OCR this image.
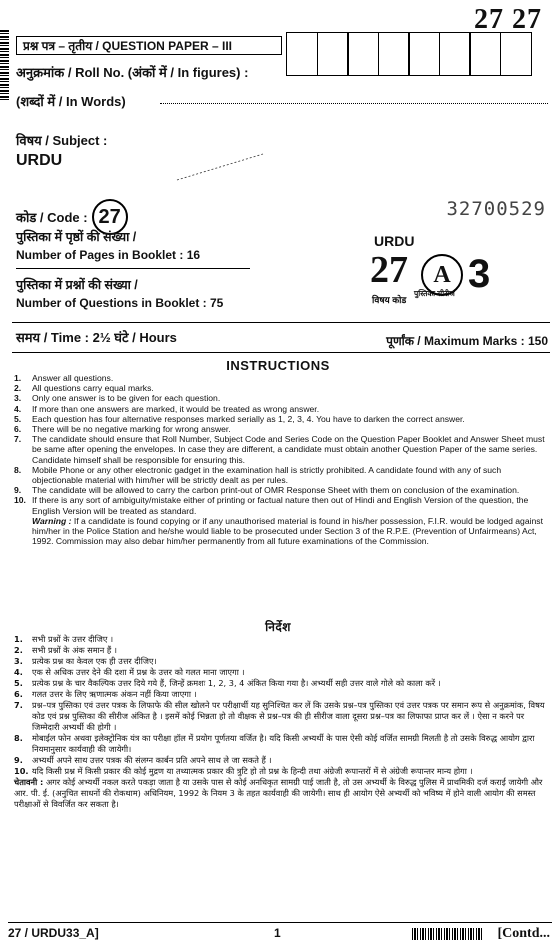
27 27
प्रश्न पत्र – तृतीय / QUESTION PAPER – III
अनुक्रमांक / Roll No. (अंकों में / In figures) :
(शब्दों में / In Words)
विषय / Subject :
URDU
कोड / Code : 27	32700529
पुस्तिका में पृष्ठों की संख्या /
Number of Pages in Booklet : 16
पुस्तिका में प्रश्नों की संख्या /
Number of Questions in Booklet : 75
URDU
27
विषय कोड
A
पुस्तिका सीरीज 3
समय / Time : 2½ घंटे / Hours	पूर्णांक / Maximum Marks : 150
INSTRUCTIONS
1. Answer all questions.
2. All questions carry equal marks.
3. Only one answer is to be given for each question.
4. If more than one answers are marked, it would be treated as wrong answer.
5. Each question has four alternative responses marked serially as 1, 2, 3, 4. You have to darken the correct answer.
6. There will be no negative marking for wrong answer.
7. The candidate should ensure that Roll Number, Subject Code and Series Code on the Question Paper Booklet and Answer Sheet must be same after opening the envelopes. In case they are different, a candidate must obtain another Question Paper of the same series. Candidate himself shall be responsible for ensuring this.
8. Mobile Phone or any other electronic gadget in the examination hall is strictly prohibited. A candidate found with any of such objectionable material with him/her will be strictly dealt as per rules.
9. The candidate will be allowed to carry the carbon print-out of OMR Response Sheet with them on conclusion of the examination.
10. If there is any sort of ambiguity/mistake either of printing or factual nature then out of Hindi and English Version of the question, the English Version will be treated as standard.
Warning : If a candidate is found copying or if any unauthorised material is found in his/her possession, F.I.R. would be lodged against him/her in the Police Station and he/she would liable to be prosecuted under Section 3 of the R.P.E. (Prevention of Unfairmeans) Act, 1992. Commission may also debar him/her permanently from all future examinations of the Commission.
निर्देश
1. सभी प्रश्नों के उत्तर दीजिए ।
2. सभी प्रश्नों के अंक समान हैं ।
3. प्रत्येक प्रश्न का केवल एक ही उत्तर दीजिए।
4. एक से अधिक उत्तर देने की दशा में प्रश्न के उत्तर को गलत माना जाएगा ।
5. प्रत्येक प्रश्न के चार वैकल्पिक उत्तर दिये गये हैं, जिन्हें क्रमशः 1, 2, 3, 4 अंकित किया गया है। अभ्यर्थी सही उत्तर वाले गोले को काला करें ।
6. गलत उत्तर के लिए ऋणात्मक अंकन नहीं किया जाएगा ।
7. प्रश्न–पत्र पुस्तिका एवं उत्तर पत्रक के लिफाफे की सील खोलने पर परीक्षार्थी यह सुनिश्चित कर लें कि उसके प्रश्न–पत्र पुस्तिका एवं उत्तर पत्रक पर समान रूप से अनुक्रमांक, विषय कोड एवं प्रश्न पुस्तिका की सीरीज अंकित है । इसमें कोई भिन्नता हो तो वीक्षक से प्रश्न–पत्र की ही सीरीज वाला दूसरा प्रश्न–पत्र का लिफाफा प्राप्त कर लें । ऐसा न करने पर जिम्मेदारी अभ्यर्थी की होगी ।
8. मोबाईल फोन अथवा इलेक्ट्रोनिक यंत्र का परीक्षा हॉल में प्रयोग पूर्णतया वर्जित है। यदि किसी अभ्यर्थी के पास ऐसी कोई वर्जित सामग्री मिलती है तो उसके विरुद्ध आयोग द्वारा नियमानुसार कार्यवाही की जायेगी।
9. अभ्यर्थी अपने साथ उत्तर पत्रक की संलग्न कार्बन प्रति अपने साथ ले जा सकते हैं ।
10. यदि किसी प्रश्न में किसी प्रकार की कोई मुद्रण या तथ्यात्मक प्रकार की त्रुटि हो तो प्रश्न के हिन्दी तथा अंग्रेजी रूपान्तरों में से अंग्रेजी रूपान्तर मान्य होगा ।
चेतावनी : अगर कोई अभ्यर्थी नकल करते पकड़ा जाता है या उसके पास से कोई अनधिकृत सामग्री पाई जाती है, तो उस अभ्यर्थी के विरुद्ध पुलिस में प्राथमिकी दर्ज कराई जायेगी और आर. पी. ई. (अनुचित साधनों की रोकथाम) अधिनियम, 1992 के नियम 3 के तहत कार्यवाही की जायेगी। साथ ही आयोग ऐसे अभ्यर्थी को भविष्य में होने वाली आयोग की समस्त परीक्षाओं से विवर्जित कर सकता है।
27 / URDU33_A]	1	[Contd...
